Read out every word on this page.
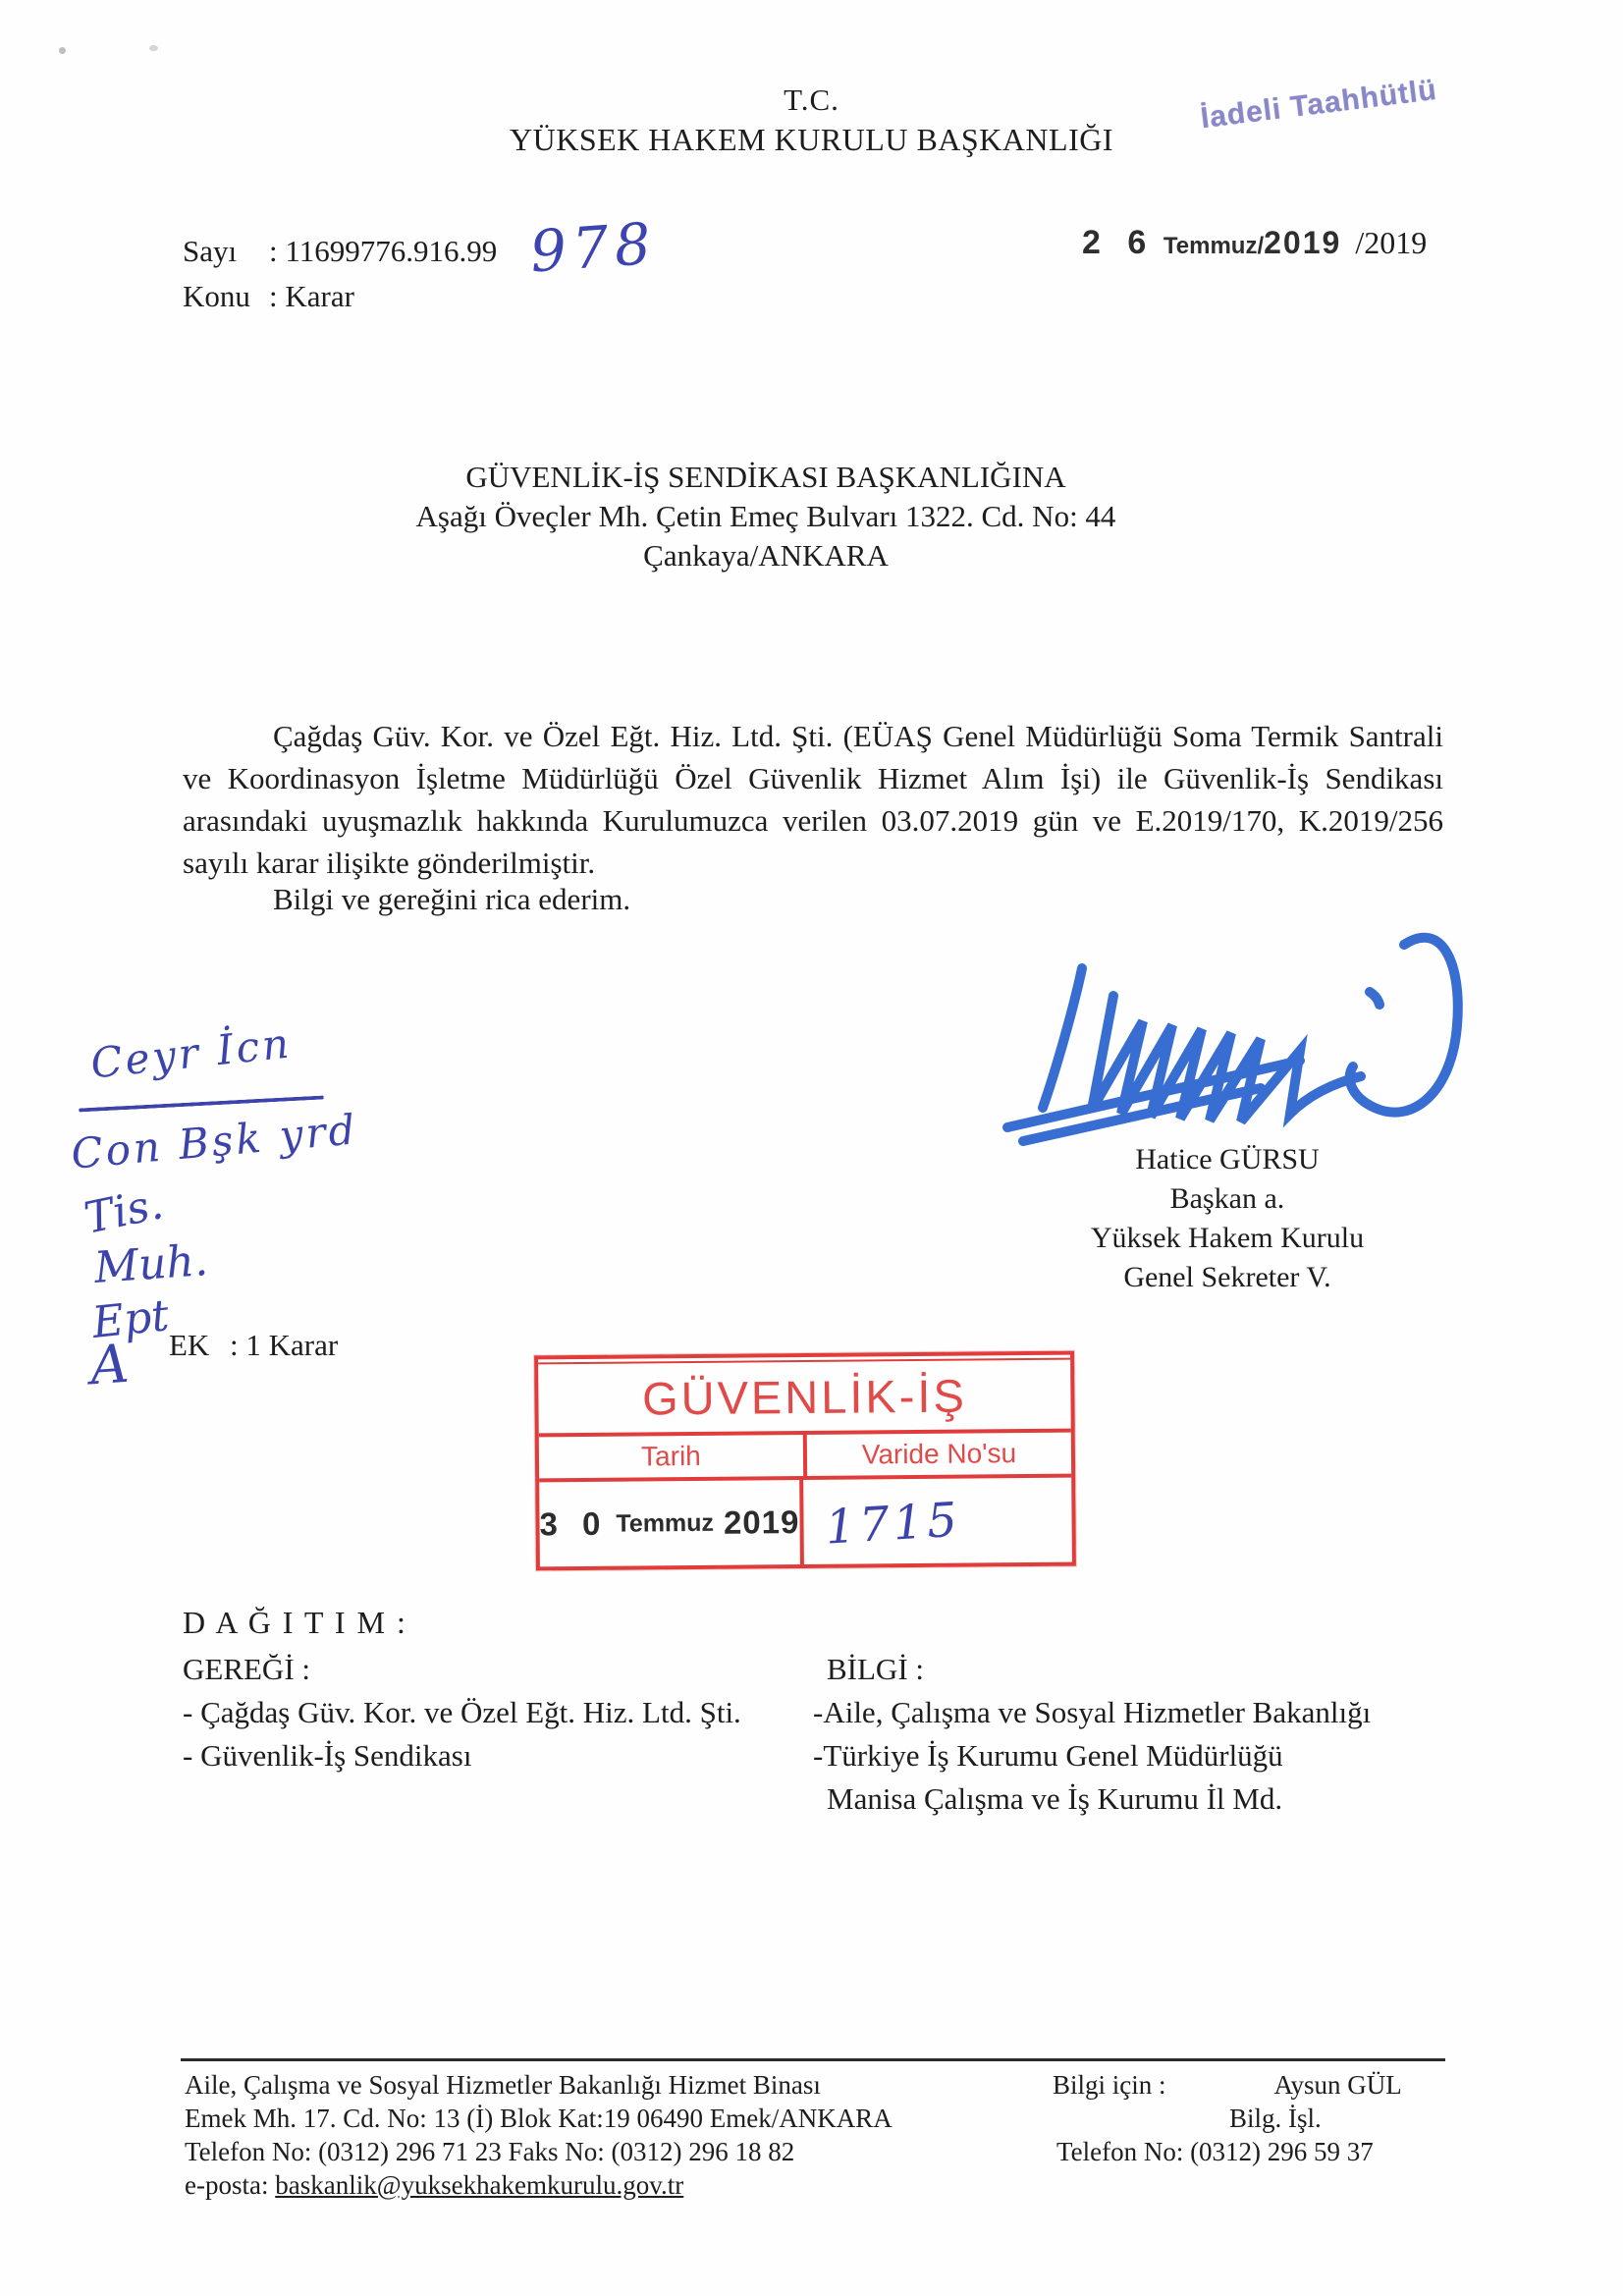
T.C.
YÜKSEK HAKEM KURULU BAŞKANLIĞI
İadeli Taahhütlü
Sayı : 11699776.916.99 978
Konu : Karar
2 6 Temmuz/2019 /2019
GÜVENLİK-İŞ SENDİKASI BAŞKANLIĞINA
Aşağı Öveçler Mh. Çetin Emeç Bulvarı 1322. Cd. No: 44
Çankaya/ANKARA
Çağdaş Güv. Kor. ve Özel Eğt. Hiz. Ltd. Şti. (EÜAŞ Genel Müdürlüğü Soma Termik Santrali ve Koordinasyon İşletme Müdürlüğü Özel Güvenlik Hizmet Alım İşi) ile Güvenlik-İş Sendikası arasındaki uyuşmazlık hakkında Kurulumuzca verilen 03.07.2019 gün ve E.2019/170, K.2019/256 sayılı karar ilişikte gönderilmiştir.
Bilgi ve gereğini rica ederim.
Hatice GÜRSU
Başkan a.
Yüksek Hakem Kurulu
Genel Sekreter V.
Ceyr İcn
Con Bşk yrd
Tis.
Muh.
Ept
A EK : 1 Karar
GÜVENLİK-İŞ
Tarih	Varide No'su
3 0 Temmuz 2019 1715
D A Ğ I T I M :
GEREĞİ :
- Çağdaş Güv. Kor. ve Özel Eğt. Hiz. Ltd. Şti.
- Güvenlik-İş Sendikası
BİLGİ :
-Aile, Çalışma ve Sosyal Hizmetler Bakanlığı
-Türkiye İş Kurumu Genel Müdürlüğü
Manisa Çalışma ve İş Kurumu İl Md.
Aile, Çalışma ve Sosyal Hizmetler Bakanlığı Hizmet Binası
Emek Mh. 17. Cd. No: 13 (İ) Blok Kat:19 06490 Emek/ANKARA
Telefon No: (0312) 296 71 23 Faks No: (0312) 296 18 82
e-posta: baskanlik@yuksekhakemkurulu.gov.tr
Bilgi için :	Aysun GÜL
Bilg. İşl.
Telefon No: (0312) 296 59 37
